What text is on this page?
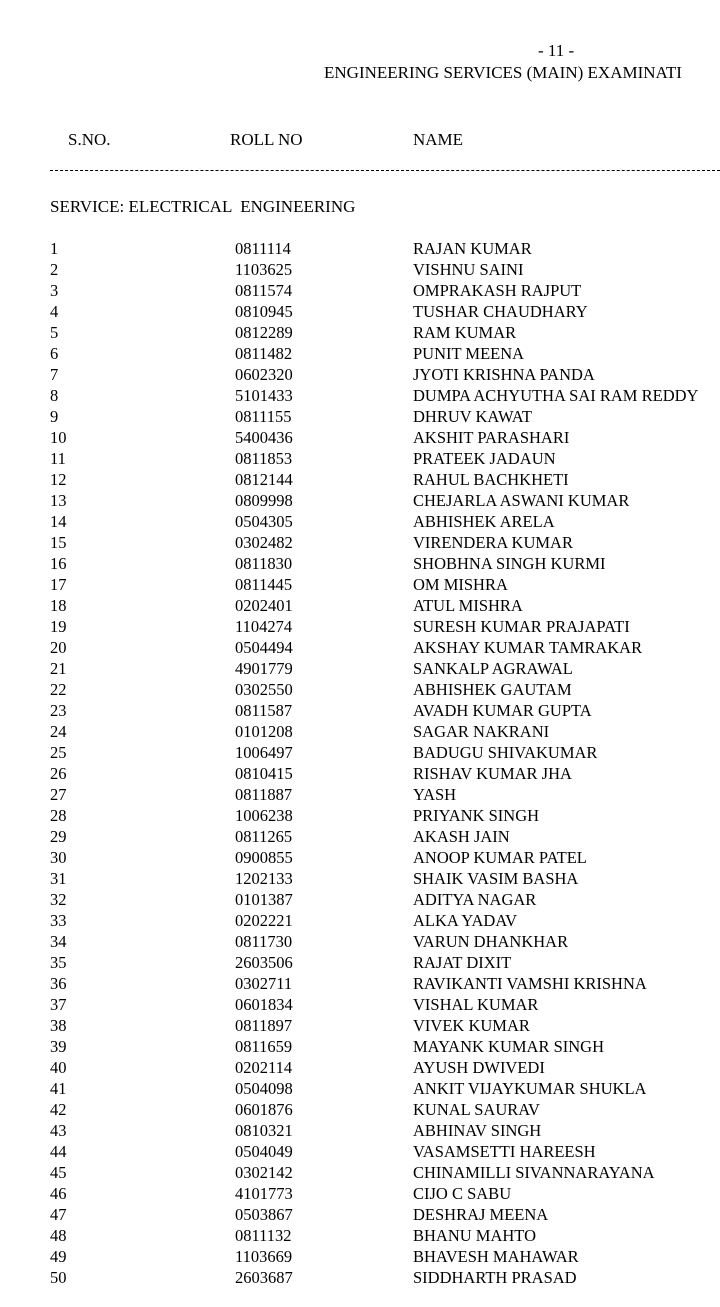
- 11 -
ENGINEERING SERVICES (MAIN) EXAMINATI
S.NO.	ROLL NO	NAME
SERVICE: ELECTRICAL  ENGINEERING
1	0811114	RAJAN KUMAR
2	1103625	VISHNU SAINI
3	0811574	OMPRAKASH RAJPUT
4	0810945	TUSHAR CHAUDHARY
5	0812289	RAM KUMAR
6	0811482	PUNIT MEENA
7	0602320	JYOTI KRISHNA PANDA
8	5101433	DUMPA ACHYUTHA SAI RAM REDDY
9	0811155	DHRUV KAWAT
10	5400436	AKSHIT PARASHARI
11	0811853	PRATEEK JADAUN
12	0812144	RAHUL BACHKHETI
13	0809998	CHEJARLA ASWANI KUMAR
14	0504305	ABHISHEK ARELA
15	0302482	VIRENDERA KUMAR
16	0811830	SHOBHNA SINGH KURMI
17	0811445	OM MISHRA
18	0202401	ATUL MISHRA
19	1104274	SURESH KUMAR PRAJAPATI
20	0504494	AKSHAY KUMAR TAMRAKAR
21	4901779	SANKALP AGRAWAL
22	0302550	ABHISHEK GAUTAM
23	0811587	AVADH KUMAR GUPTA
24	0101208	SAGAR NAKRANI
25	1006497	BADUGU SHIVAKUMAR
26	0810415	RISHAV KUMAR JHA
27	0811887	YASH
28	1006238	PRIYANK SINGH
29	0811265	AKASH JAIN
30	0900855	ANOOP KUMAR PATEL
31	1202133	SHAIK VASIM BASHA
32	0101387	ADITYA NAGAR
33	0202221	ALKA YADAV
34	0811730	VARUN DHANKHAR
35	2603506	RAJAT DIXIT
36	0302711	RAVIKANTI VAMSHI KRISHNA
37	0601834	VISHAL KUMAR
38	0811897	VIVEK KUMAR
39	0811659	MAYANK KUMAR SINGH
40	0202114	AYUSH DWIVEDI
41	0504098	ANKIT VIJAYKUMAR SHUKLA
42	0601876	KUNAL SAURAV
43	0810321	ABHINAV SINGH
44	0504049	VASAMSETTI HAREESH
45	0302142	CHINAMILLI SIVANNARAYANA
46	4101773	CIJO C SABU
47	0503867	DESHRAJ MEENA
48	0811132	BHANU MAHTO
49	1103669	BHAVESH MAHAWAR
50	2603687	SIDDHARTH PRASAD
